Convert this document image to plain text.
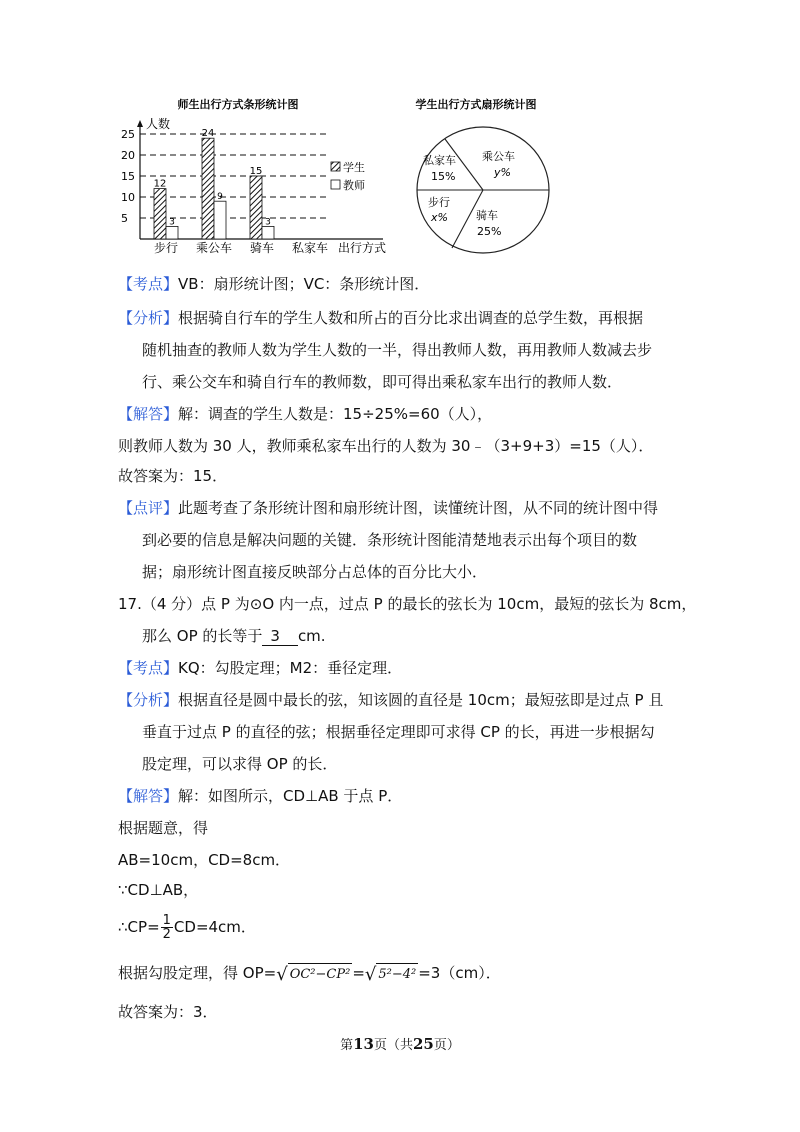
师生出行方式条形统计图
人数
25
20
15
10
5
12
3
24
9
15
3
步行 乘公车 骑车 私家车 出行方式
学生
教师
学生出行方式扇形统计图
私家车
15%
乘公车
y%
步行
x%	骑车
25%
【考点】VB：扇形统计图；VC：条形统计图．
【分析】根据骑自行车的学生人数和所占的百分比求出调查的总学生数，再根据
随机抽查的教师人数为学生人数的一半，得出教师人数，再用教师人数减去步
行、乘公交车和骑自行车的教师数，即可得出乘私家车出行的教师人数．
【解答】解：调查的学生人数是：15÷25%=60（人），
则教师人数为 30 人，教师乘私家车出行的人数为 30﹣（3+9+3）=15（人）．
故答案为：15．
【点评】此题考查了条形统计图和扇形统计图，读懂统计图，从不同的统计图中得
到必要的信息是解决问题的关键．条形统计图能清楚地表示出每个项目的数
据；扇形统计图直接反映部分占总体的百分比大小．
17.（4 分）点 P 为⊙O 内一点，过点 P 的最长的弦长为 10cm，最短的弦长为 8cm，
那么 OP 的长等于 3 cm.
【考点】KQ：勾股定理；M2：垂径定理．
【分析】根据直径是圆中最长的弦，知该圆的直径是 10cm；最短弦即是过点 P 且
垂直于过点 P 的直径的弦；根据垂径定理即可求得 CP 的长，再进一步根据勾
股定理，可以求得 OP 的长．
【解答】解：如图所示，CD⊥AB 于点 P．
根据题意，得
AB=10cm，CD=8cm．
∵CD⊥AB，
∴CP= $\frac{1}{2} CD=4cm$．
根据勾股定理，得 OP=√ OC²−CP² =√ 5²−4² =3（cm）．
故答案为：3．
第13页（共25页）
